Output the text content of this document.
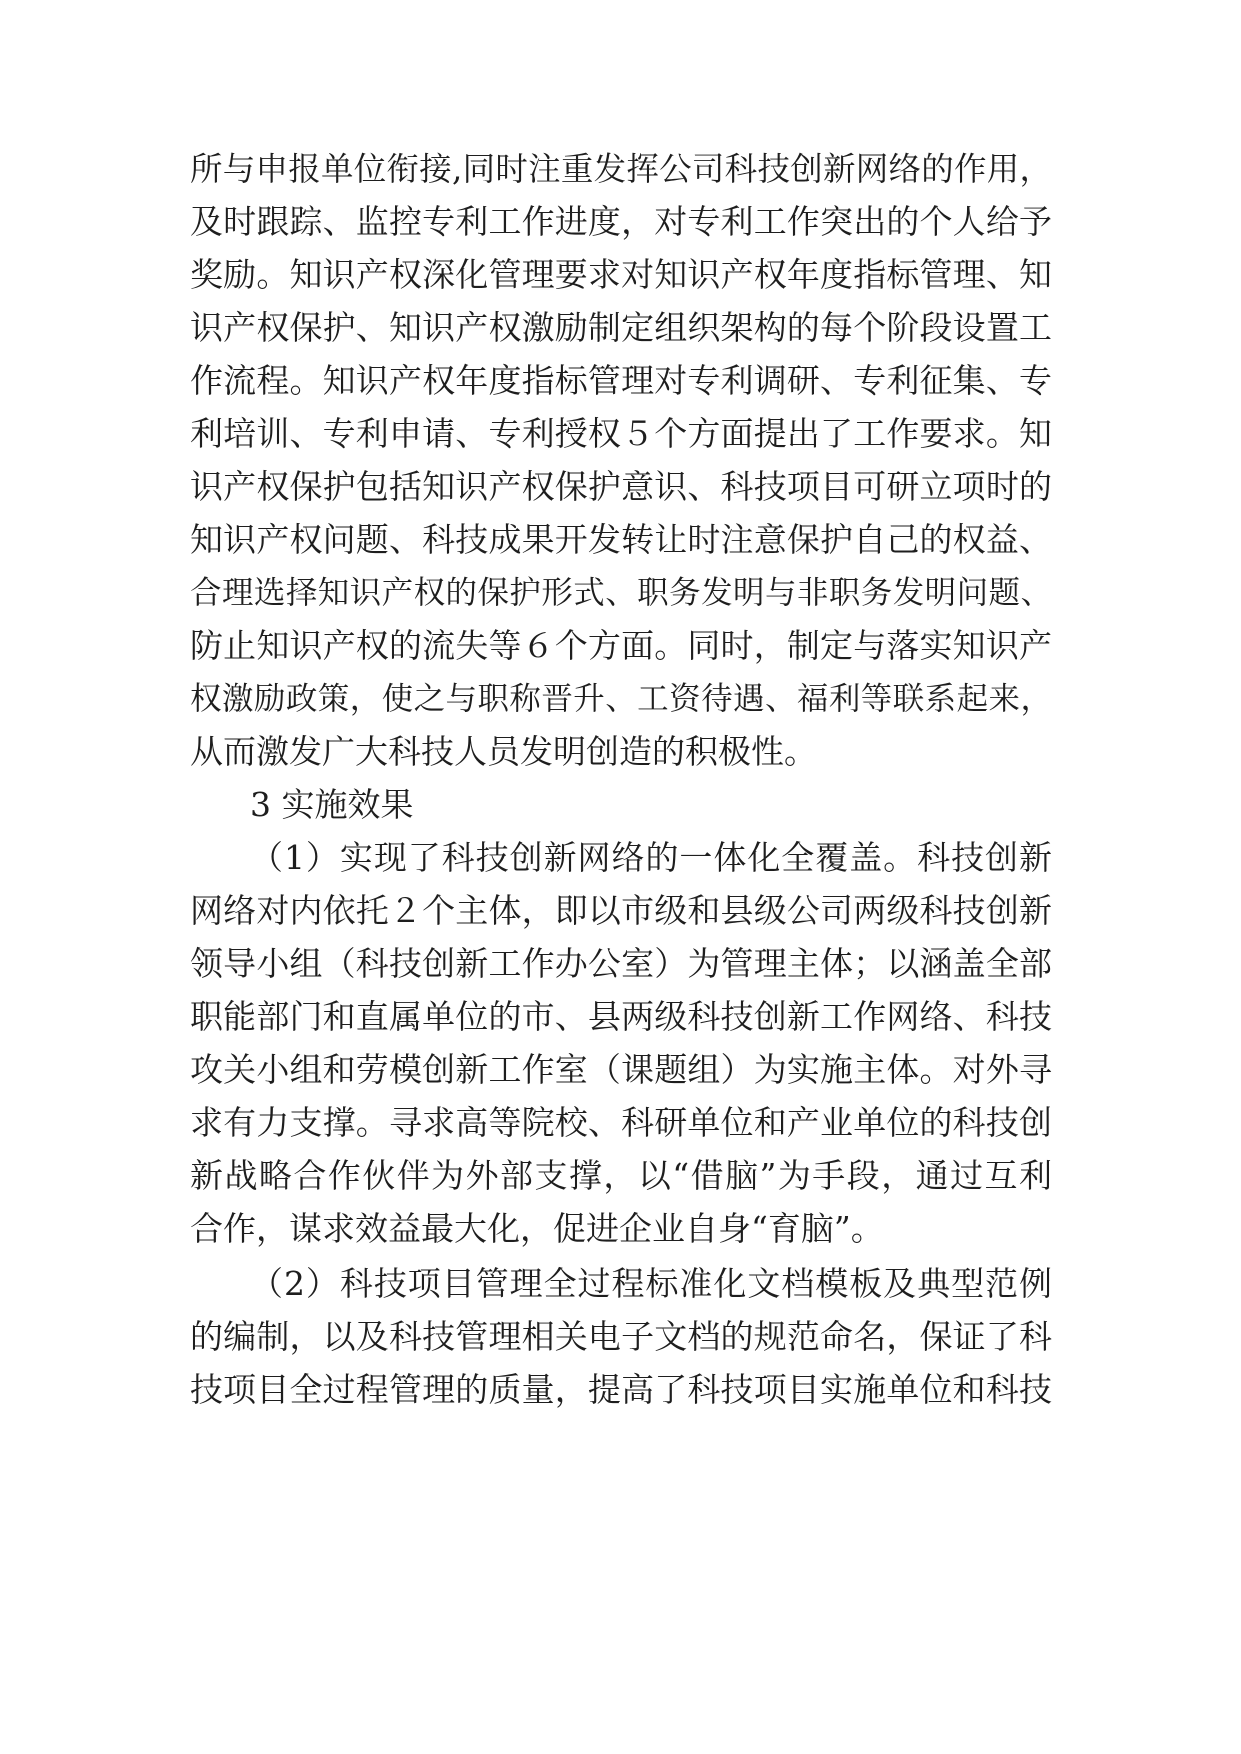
所与申报单位衔接,同时注重发挥公司科技创新网络的作用，
及时跟踪、监控专利工作进度，对专利工作突出的个人给予
奖励。知识产权深化管理要求对知识产权年度指标管理、知
识产权保护、知识产权激励制定组织架构的每个阶段设置工
作流程。知识产权年度指标管理对专利调研、专利征集、专
利培训、专利申请、专利授权５个方面提出了工作要求。知
识产权保护包括知识产权保护意识、科技项目可研立项时的
知识产权问题、科技成果开发转让时注意保护自己的权益、
合理选择知识产权的保护形式、职务发明与非职务发明问题、
防止知识产权的流失等６个方面。同时，制定与落实知识产
权激励政策，使之与职称晋升、工资待遇、福利等联系起来，
从而激发广大科技人员发明创造的积极性。
3 实施效果
（1）实现了科技创新网络的一体化全覆盖。科技创新
网络对内依托２个主体，即以市级和县级公司两级科技创新
领导小组（科技创新工作办公室）为管理主体；以涵盖全部
职能部门和直属单位的市、县两级科技创新工作网络、科技
攻关小组和劳模创新工作室（课题组）为实施主体。对外寻
求有力支撑。寻求高等院校、科研单位和产业单位的科技创
新战略合作伙伴为外部支撑，以“借脑”为手段，通过互利
合作，谋求效益最大化，促进企业自身“育脑”。
（2）科技项目管理全过程标准化文档模板及典型范例
的编制，以及科技管理相关电子文档的规范命名，保证了科
技项目全过程管理的质量，提高了科技项目实施单位和科技
